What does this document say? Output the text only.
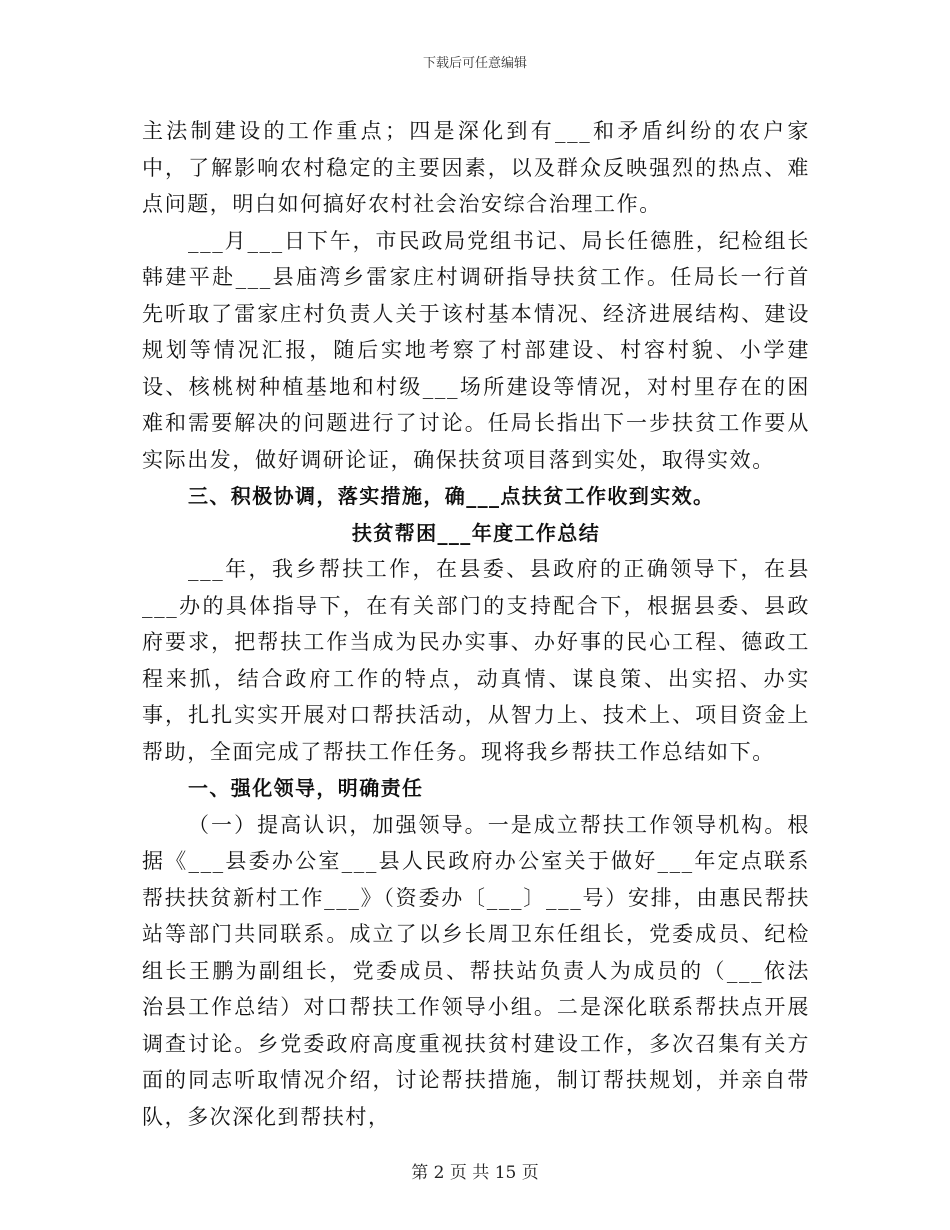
下载后可任意编辑

主法制建设的工作重点；四是深化到有___和矛盾纠纷的农户家中，了解影响农村稳定的主要因素，以及群众反映强烈的热点、难点问题，明白如何搞好农村社会治安综合治理工作。

___月___日下午，市民政局党组书记、局长任德胜，纪检组长韩建平赴___县庙湾乡雷家庄村调研指导扶贫工作。任局长一行首先听取了雷家庄村负责人关于该村基本情况、经济进展结构、建设规划等情况汇报，随后实地考察了村部建设、村容村貌、小学建设、核桃树种植基地和村级___场所建设等情况，对村里存在的困难和需要解决的问题进行了讨论。任局长指出下一步扶贫工作要从实际出发，做好调研论证，确保扶贫项目落到实处，取得实效。

三、积极协调，落实措施，确___点扶贫工作收到实效。

扶贫帮困___年度工作总结

___年，我乡帮扶工作，在县委、县政府的正确领导下，在县___办的具体指导下，在有关部门的支持配合下，根据县委、县政府要求，把帮扶工作当成为民办实事、办好事的民心工程、德政工程来抓，结合政府工作的特点，动真情、谋良策、出实招、办实事，扎扎实实开展对口帮扶活动，从智力上、技术上、项目资金上帮助，全面完成了帮扶工作任务。现将我乡帮扶工作总结如下。

一、强化领导，明确责任

（一）提高认识，加强领导。一是成立帮扶工作领导机构。根据《___县委办公室___县人民政府办公室关于做好___年定点联系帮扶扶贫新村工作___》（资委办〔___〕___号）安排，由惠民帮扶站等部门共同联系。成立了以乡长周卫东任组长，党委成员、纪检组长王鹏为副组长，党委成员、帮扶站负责人为成员的（___依法治县工作总结）对口帮扶工作领导小组。二是深化联系帮扶点开展调查讨论。乡党委政府高度重视扶贫村建设工作，多次召集有关方面的同志听取情况介绍，讨论帮扶措施，制订帮扶规划，并亲自带队，多次深化到帮扶村，

第 2 页 共 15 页
